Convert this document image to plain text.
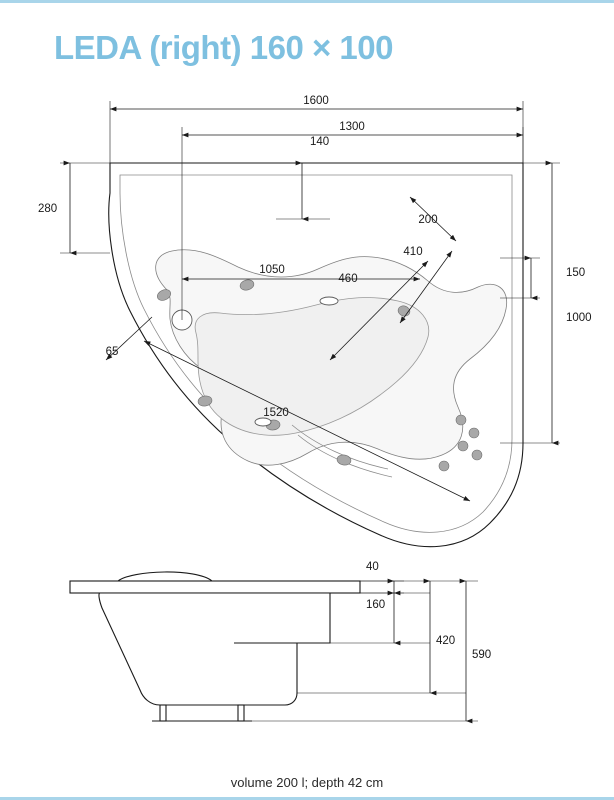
LEDA (right) 160 × 100
1600
1300
140
280
1000
150
1050
1520
460
410
200
65
40
160
420
590
volume 200 l; depth 42 cm
